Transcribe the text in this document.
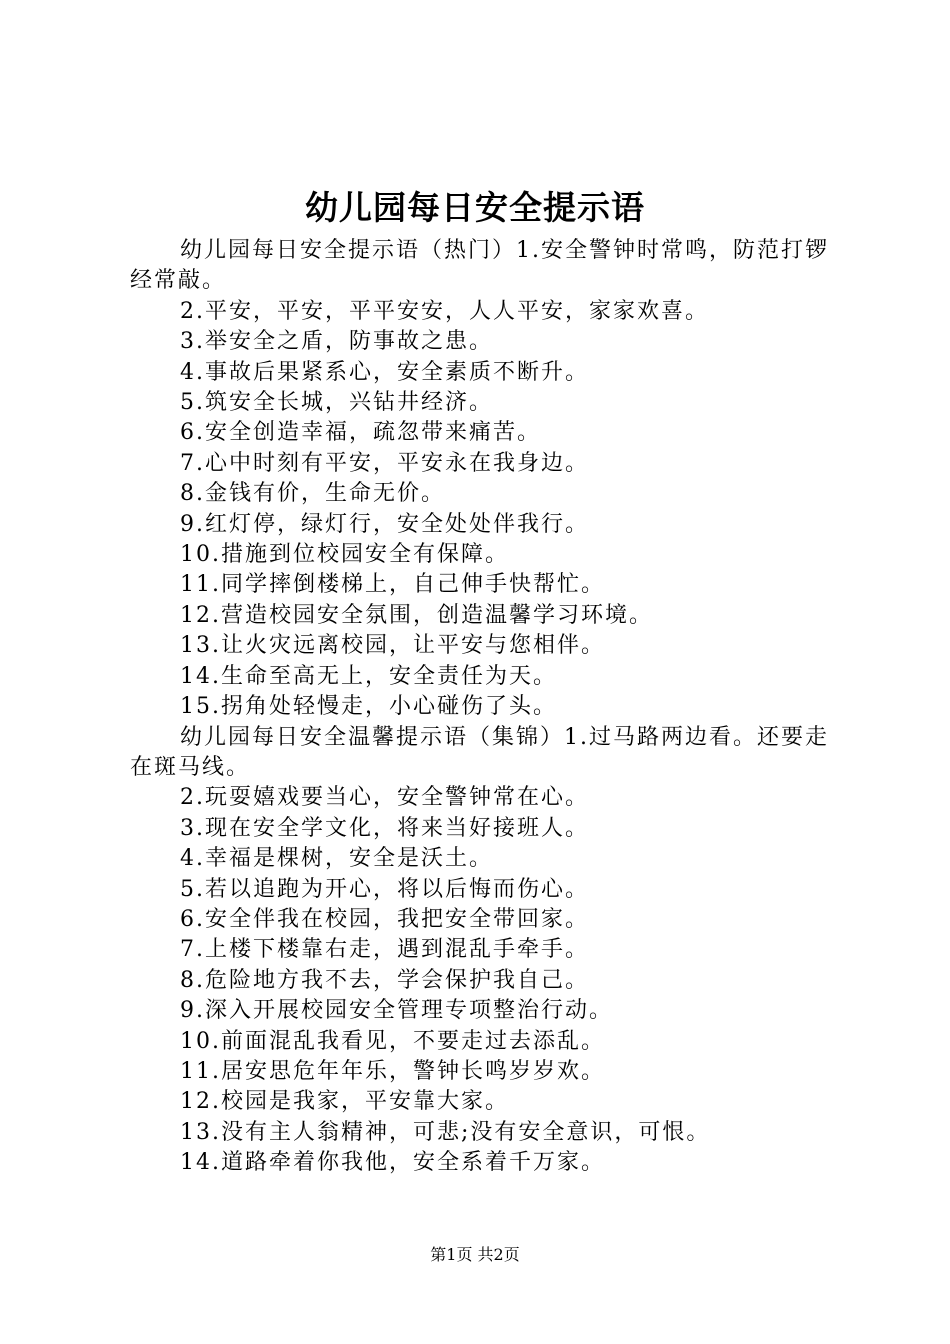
幼儿园每日安全提示语

幼儿园每日安全提示语（热门）1.安全警钟时常鸣，防范打锣经常敲。

2.平安，平安，平平安安，人人平安，家家欢喜。

3.举安全之盾，防事故之患。

4.事故后果紧系心，安全素质不断升。

5.筑安全长城，兴钻井经济。

6.安全创造幸福，疏忽带来痛苦。

7.心中时刻有平安，平安永在我身边。

8.金钱有价，生命无价。

9.红灯停，绿灯行，安全处处伴我行。

10.措施到位校园安全有保障。

11.同学摔倒楼梯上，自己伸手快帮忙。

12.营造校园安全氛围，创造温馨学习环境。

13.让火灾远离校园，让平安与您相伴。

14.生命至高无上，安全责任为天。

15.拐角处轻慢走，小心碰伤了头。

幼儿园每日安全温馨提示语（集锦）1.过马路两边看。还要走在斑马线。

2.玩耍嬉戏要当心，安全警钟常在心。

3.现在安全学文化，将来当好接班人。

4.幸福是棵树，安全是沃土。

5.若以追跑为开心，将以后悔而伤心。

6.安全伴我在校园，我把安全带回家。

7.上楼下楼靠右走，遇到混乱手牵手。

8.危险地方我不去，学会保护我自己。

9.深入开展校园安全管理专项整治行动。

10.前面混乱我看见，不要走过去添乱。

11.居安思危年年乐，警钟长鸣岁岁欢。

12.校园是我家，平安靠大家。

13.没有主人翁精神，可悲;没有安全意识，可恨。

14.道路牵着你我他，安全系着千万家。

第1页 共2页
